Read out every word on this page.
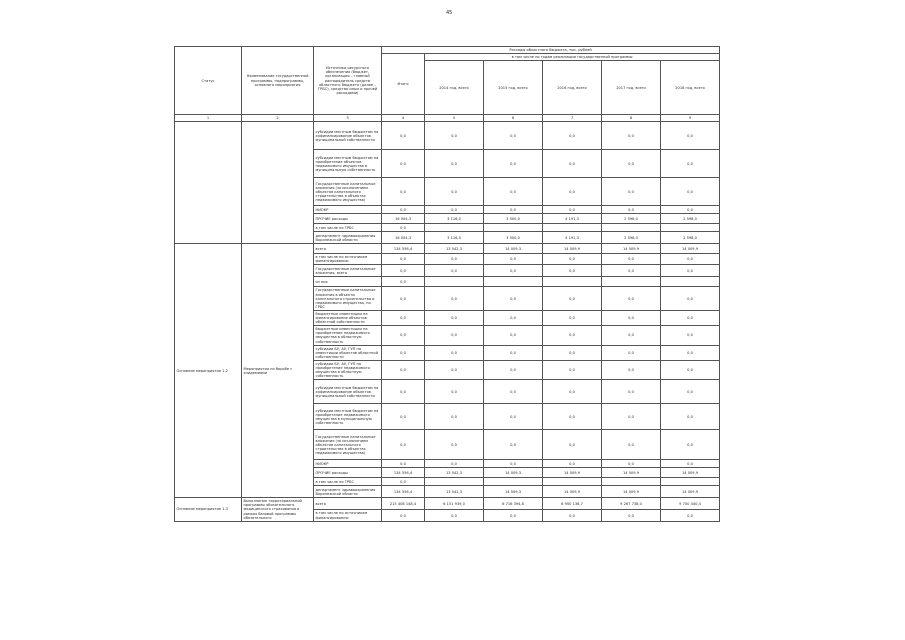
45
Статус	Наименование государственной программы, подпрограммы, основного мероприятия	Источники ресурсного обеспечения (бюджет, организация – главный распорядитель средств областного бюджета (далее – ГРБС), средства иных и прочей расходами)	Расходы областного бюджета, тыс. рублей					
			Итого	в том числе по годам реализации государственной программы				
				2014 год, всего	2015 год, всего	2016 год, всего	2017 год, всего	2018 год, всего
1	2	3	4	5	6	7	8	9
		субсидии местным бюджетам на софинансирование объектов муниципальной собственности	0,0	0,0	0,0	0,0	0,0	0,0
		субсидии местным бюджетам на приобретение объектов недвижимого имущества в муниципальную собственность	0,0	0,0	0,0	0,0	0,0	0,0
		Государственные капитальные вложения (за исключением объектов капитального строительства в объектах недвижимого имущества)	0,0	0,0	0,0	0,0	0,0	0,0
		НИОКР	0,0	0,0	0,0	0,0	0,0	0,0
		ПРОЧИЕ расходы	16 004,3	3 116,0	3 500,0	4 191,3	2 598,0	2 598,0
		в том числе по ГРБС	0,0					
		департамент здравоохранения Воронежской области	16 004,3	3 116,0	3 500,0	4 191,3	2 598,0	2 598,0
Основное мероприятие 1.2	Мероприятия по борьбе с эпидемиями	всего	134 556,4	13 542,3	14 009,3	14 009,9	14 009,9	14 009,9
		в том числе по источникам финансирования:	0,0	0,0	0,0	0,0	0,0	0,0
		Государственные капитальные вложения, всего	0,0	0,0	0,0	0,0	0,0	0,0
		из них	0,0					
		Государственные капитальные вложения в объекты капитального строительства и недвижимого имущества, по ГРБС	0,0	0,0	0,0	0,0	0,0	0,0
		бюджетные инвестиции на финансирование объектов областной собственности	0,0	0,0	0,0	0,0	0,0	0,0
		бюджетные инвестиции на приобретение недвижимого имущества в областную собственность	0,0	0,0	0,0	0,0	0,0	0,0
		субсидии БУ, АУ, ГУП на инвестиции объектов областной собственности	0,0	0,0	0,0	0,0	0,0	0,0
		субсидии БУ, АУ, ГУП на приобретение недвижимого имущества в областную собственность	0,0	0,0	0,0	0,0	0,0	0,0
		субсидии местным бюджетам на софинансирование объектов муниципальной собственности	0,0	0,0	0,0	0,0	0,0	0,0
		субсидии местным бюджетам на приобретение недвижимого имущества в муниципальную собственность	0,0	0,0	0,0	0,0	0,0	0,0
		Государственные капитальные вложения (за исключением объектов капитального строительства в объектах недвижимого имущества)	0,0	0,0	0,0	0,0	0,0	0,0
		НИОКР	0,0	0,0	0,0	0,0	0,0	0,0
		ПРОЧИЕ расходы	134 556,4	13 542,3	14 009,3	14 009,9	14 009,9	14 009,9
		в том числе по ГРБС	0,0					
		департамент здравоохранения Воронежской области	134 556,4	13 542,3	14 009,3	14 009,9	14 009,9	14 009,9
Основное мероприятие 1.3	Выполнение территориальной программы обязательного медицинского страхования в рамках базовой программы обязательного	всего	215 408 148,4	6 151 939,0	6 716 394,8	6 950 136,7	9 267 738,0	9 700 440,4
		в том числе по источникам финансирования:	0,0	0,0	0,0	0,0	0,0	0,0
